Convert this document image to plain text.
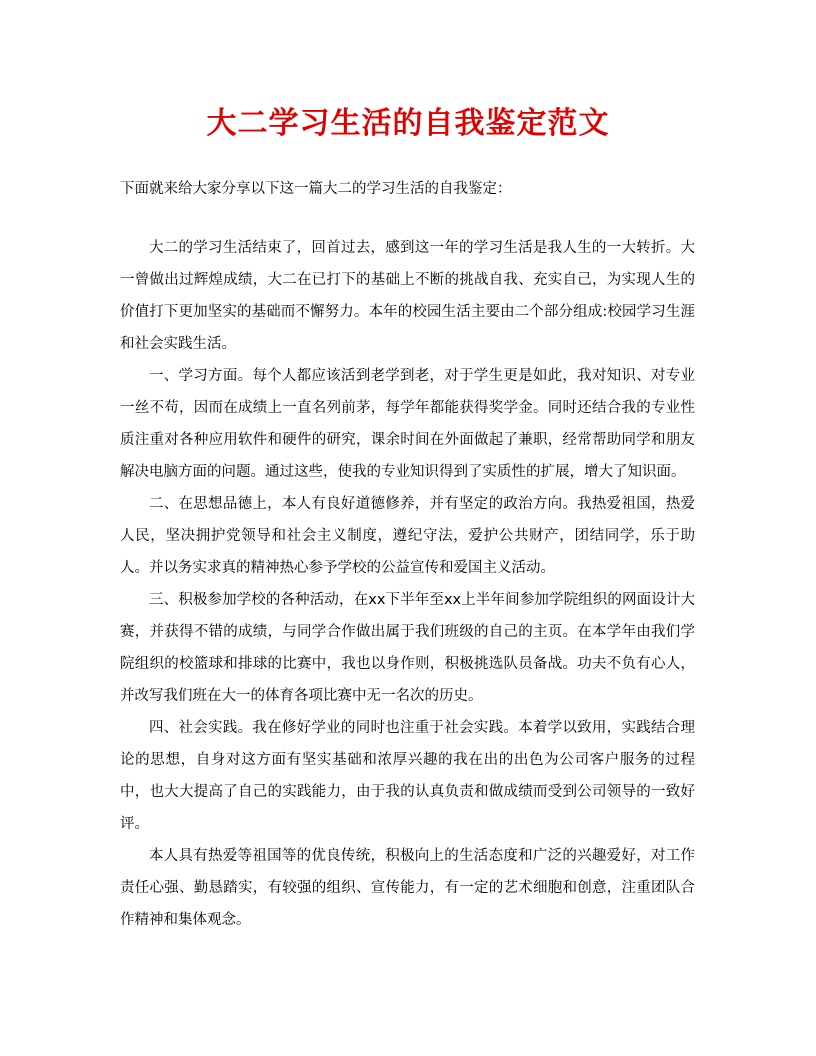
大二学习生活的自我鉴定范文

下面就来给大家分享以下这一篇大二的学习生活的自我鉴定：

大二的学习生活结束了，回首过去，感到这一年的学习生活是我人生的一大转折。大一曾做出过辉煌成绩，大二在已打下的基础上不断的挑战自我、充实自己，为实现人生的价值打下更加坚实的基础而不懈努力。本年的校园生活主要由二个部分组成:校园学习生涯和社会实践生活。

一、学习方面。每个人都应该活到老学到老，对于学生更是如此，我对知识、对专业一丝不苟，因而在成绩上一直名列前茅，每学年都能获得奖学金。同时还结合我的专业性质注重对各种应用软件和硬件的研究，课余时间在外面做起了兼职，经常帮助同学和朋友解决电脑方面的问题。通过这些，使我的专业知识得到了实质性的扩展，增大了知识面。

二、在思想品德上，本人有良好道德修养，并有坚定的政治方向。我热爱祖国，热爱人民，坚决拥护党领导和社会主义制度，遵纪守法，爱护公共财产，团结同学，乐于助人。并以务实求真的精神热心参予学校的公益宣传和爱国主义活动。

三、积极参加学校的各种活动，在xx下半年至xx上半年间参加学院组织的网面设计大赛，并获得不错的成绩，与同学合作做出属于我们班级的自己的主页。在本学年由我们学院组织的校篮球和排球的比赛中，我也以身作则，积极挑选队员备战。功夫不负有心人，并改写我们班在大一的体育各项比赛中无一名次的历史。

四、社会实践。我在修好学业的同时也注重于社会实践。本着学以致用，实践结合理论的思想，自身对这方面有坚实基础和浓厚兴趣的我在出的出色为公司客户服务的过程中，也大大提高了自己的实践能力，由于我的认真负责和做成绩而受到公司领导的一致好评。

本人具有热爱等祖国等的优良传统，积极向上的生活态度和广泛的兴趣爱好，对工作责任心强、勤恳踏实，有较强的组织、宣传能力，有一定的艺术细胞和创意，注重团队合作精神和集体观念。
